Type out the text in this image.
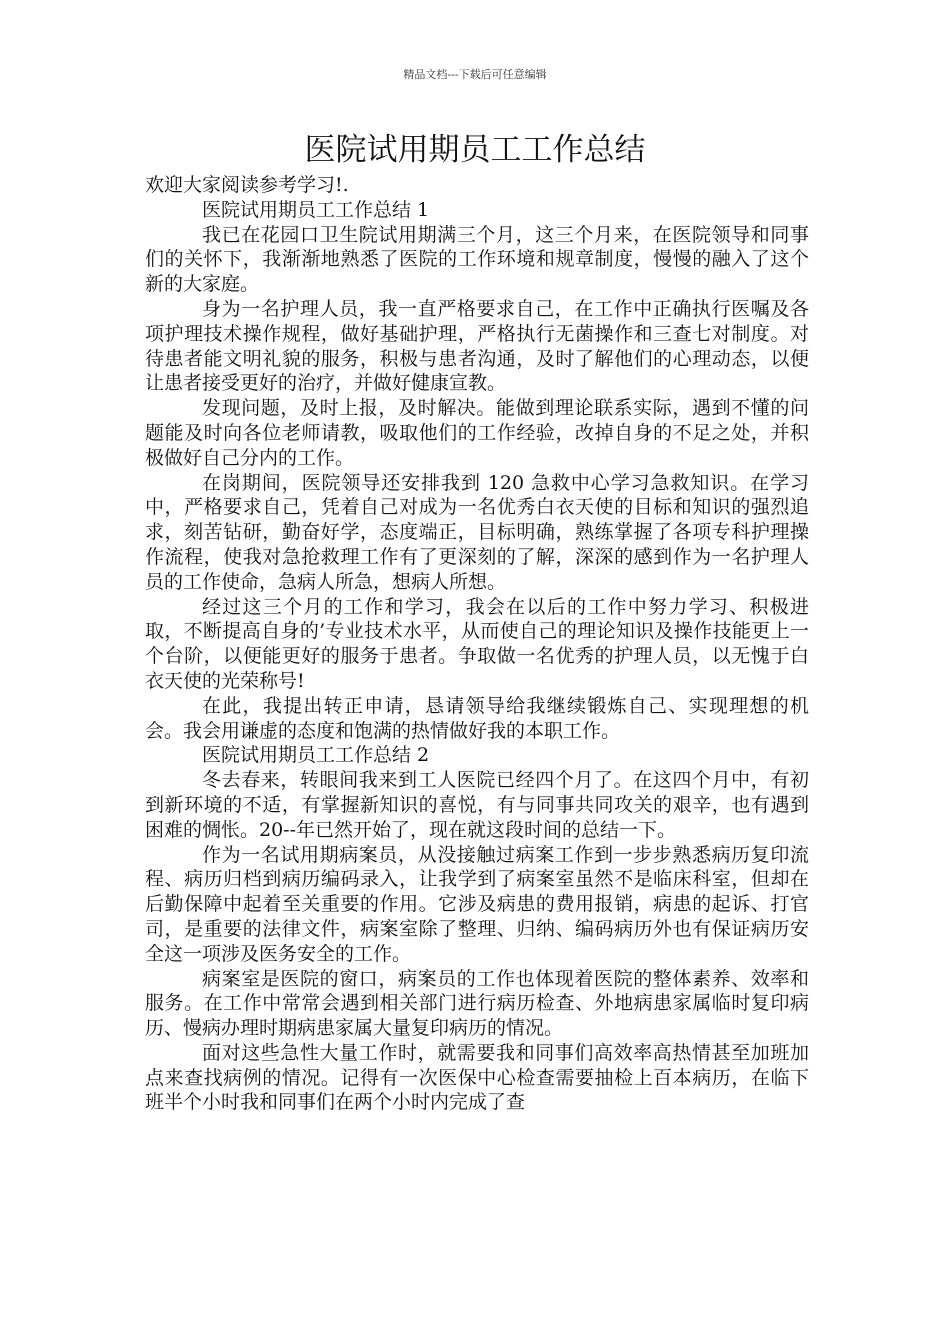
精品文档---下载后可任意编辑
医院试用期员工工作总结

欢迎大家阅读参考学习!.

医院试用期员工工作总结 1

我已在花园口卫生院试用期满三个月，这三个月来，在医院领导和同事们的关怀下，我渐渐地熟悉了医院的工作环境和规章制度，慢慢的融入了这个新的大家庭。

身为一名护理人员，我一直严格要求自己，在工作中正确执行医嘱及各项护理技术操作规程，做好基础护理，严格执行无菌操作和三查七对制度。对待患者能文明礼貌的服务，积极与患者沟通，及时了解他们的心理动态，以便让患者接受更好的治疗，并做好健康宣教。

发现问题，及时上报，及时解决。能做到理论联系实际，遇到不懂的问题能及时向各位老师请教，吸取他们的工作经验，改掉自身的不足之处，并积极做好自己分内的工作。

在岗期间，医院领导还安排我到 120 急救中心学习急救知识。在学习中，严格要求自己，凭着自己对成为一名优秀白衣天使的目标和知识的强烈追求，刻苦钻研，勤奋好学，态度端正，目标明确，熟练掌握了各项专科护理操作流程，使我对急抢救理工作有了更深刻的了解，深深的感到作为一名护理人员的工作使命，急病人所急，想病人所想。

经过这三个月的工作和学习，我会在以后的工作中努力学习、积极进取，不断提高自身的’专业技术水平，从而使自己的理论知识及操作技能更上一个台阶，以便能更好的服务于患者。争取做一名优秀的护理人员，以无愧于白衣天使的光荣称号!

在此，我提出转正申请，恳请领导给我继续锻炼自己、实现理想的机会。我会用谦虚的态度和饱满的热情做好我的本职工作。

医院试用期员工工作总结 2

冬去春来，转眼间我来到工人医院已经四个月了。在这四个月中，有初到新环境的不适，有掌握新知识的喜悦，有与同事共同攻关的艰辛，也有遇到困难的惆怅。20--年已然开始了，现在就这段时间的总结一下。

作为一名试用期病案员，从没接触过病案工作到一步步熟悉病历复印流程、病历归档到病历编码录入，让我学到了病案室虽然不是临床科室，但却在后勤保障中起着至关重要的作用。它涉及病患的费用报销，病患的起诉、打官司，是重要的法律文件，病案室除了整理、归纳、编码病历外也有保证病历安全这一项涉及医务安全的工作。

病案室是医院的窗口，病案员的工作也体现着医院的整体素养、效率和服务。在工作中常常会遇到相关部门进行病历检查、外地病患家属临时复印病历、慢病办理时期病患家属大量复印病历的情况。

面对这些急性大量工作时，就需要我和同事们高效率高热情甚至加班加点来查找病例的情况。记得有一次医保中心检查需要抽检上百本病历，在临下班半个小时我和同事们在两个小时内完成了查
